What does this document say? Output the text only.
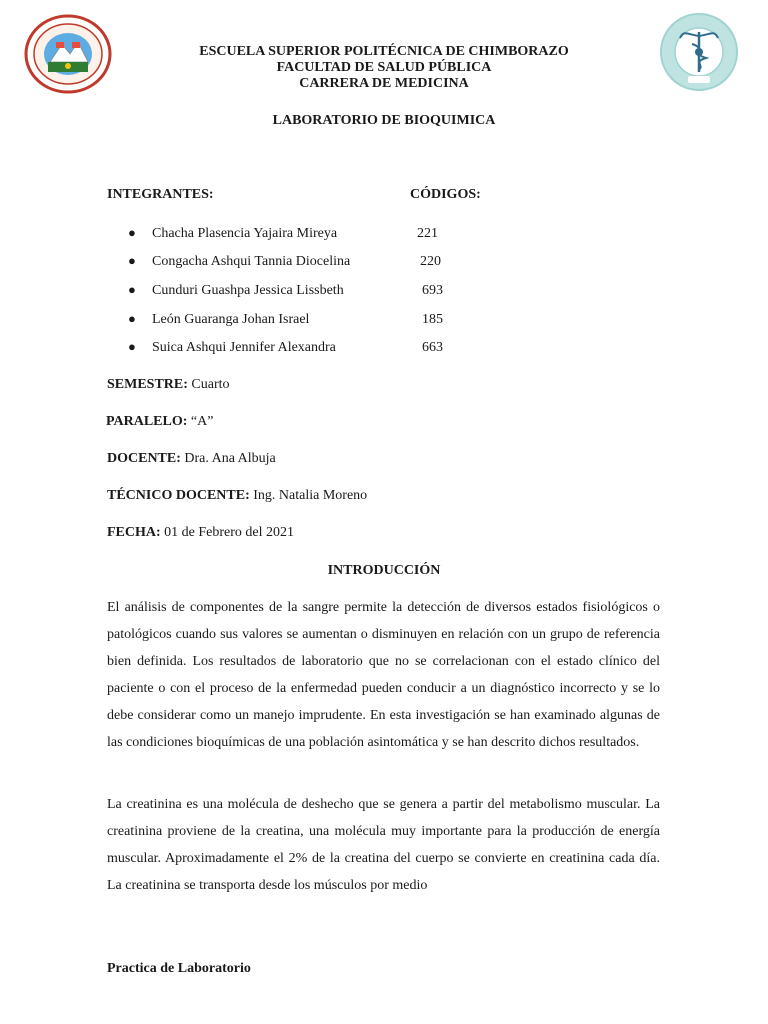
ESCUELA SUPERIOR POLITÉCNICA DE CHIMBORAZO
FACULTAD DE SALUD PÚBLICA
CARRERA DE MEDICINA
LABORATORIO DE BIOQUIMICA
INTEGRANTES:	CÓDIGOS:
● Chacha Plasencia Yajaira Mireya	221
● Congacha Ashqui Tannia Diocelina	220
● Cunduri Guashpa Jessica Lissbeth	693
● León Guaranga Johan Israel	185
● Suica Ashqui Jennifer Alexandra	663
SEMESTRE: Cuarto
PARALELO: “A”
DOCENTE: Dra. Ana Albuja
TÉCNICO DOCENTE: Ing. Natalia Moreno
FECHA: 01 de Febrero del 2021
INTRODUCCIÓN

El análisis de componentes de la sangre permite la detección de diversos estados fisiológicos o patológicos cuando sus valores se aumentan o disminuyen en relación con un grupo de referencia bien definida. Los resultados de laboratorio que no se correlacionan con el estado clínico del paciente o con el proceso de la enfermedad pueden conducir a un diagnóstico incorrecto y se lo debe considerar como un manejo imprudente. En esta investigación se han examinado algunas de las condiciones bioquímicas de una población asintomática y se han descrito dichos resultados.

La creatinina es una molécula de deshecho que se genera a partir del metabolismo muscular. La creatinina proviene de la creatina, una molécula muy importante para la producción de energía muscular. Aproximadamente el 2% de la creatina del cuerpo se convierte en creatinina cada día. La creatinina se transporta desde los músculos por medio

Practica de Laboratorio
